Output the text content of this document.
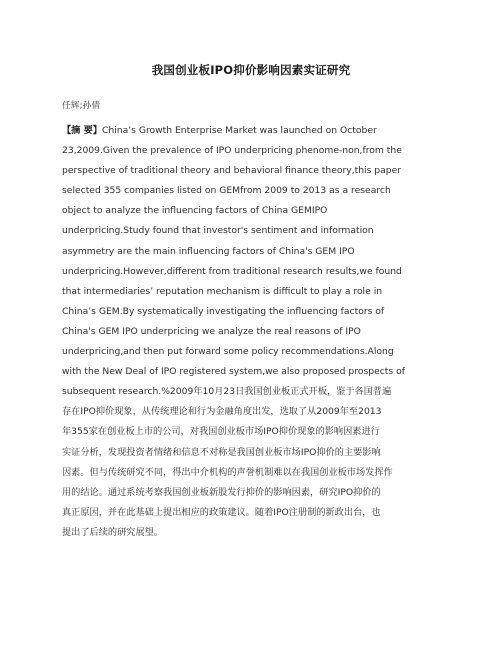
我国创业板IPO抑价影响因素实证研究
任辉;孙倩
【摘 要】China’s Growth Enterprise Market was launched on October
23,2009.Given the prevalence of IPO underpricing phenome-non,from the
perspective of traditional theory and behavioral finance theory,this paper
selected 355 companies listed on GEMfrom 2009 to 2013 as a research
object to analyze the influencing factors of China GEMIPO
underpricing.Study found that investor's sentiment and information
asymmetry are the main influencing factors of China's GEM IPO
underpricing.However,different from traditional research results,we found
that intermediaries’ reputation mechanism is difficult to play a role in
China’s GEM.By systematically investigating the influencing factors of
China's GEM IPO underpricing we analyze the real reasons of IPO
underpricing,and then put forward some policy recommendations.Along
with the New Deal of IPO registered system,we also proposed prospects of
subsequent research.%2009年10月23日我国创业板正式开板，鉴于各国普遍
存在IPO抑价现象，从传统理论和行为金融角度出发，选取了从2009年至2013
年355家在创业板上市的公司，对我国创业板市场IPO抑价现象的影响因素进行
实证分析，发现投资者情绪和信息不对称是我国创业板市场IPO抑价的主要影响
因素。但与传统研究不同，得出中介机构的声誉机制难以在我国创业板市场发挥作
用的结论。通过系统考察我国创业板新股发行抑价的影响因素，研究IPO抑价的
真正原因，并在此基础上提出相应的政策建议。随着IPO注册制的新政出台，也
提出了后续的研究展望。
